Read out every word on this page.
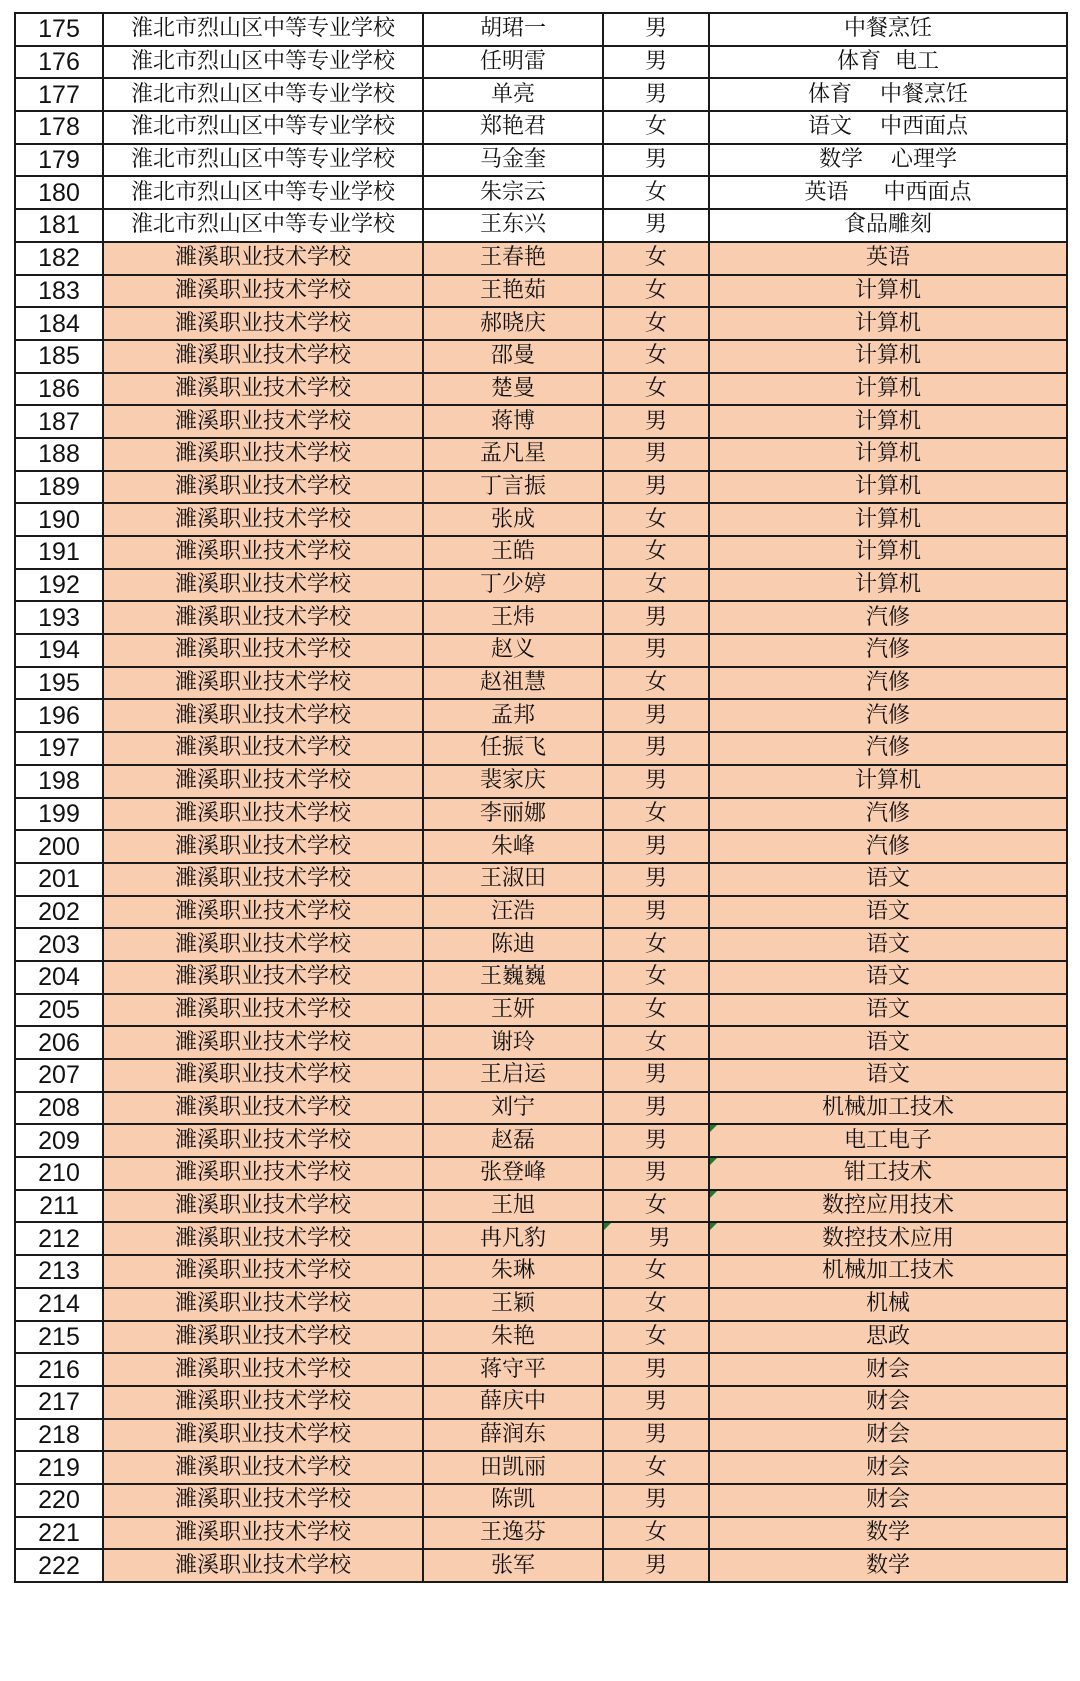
175	淮北市烈山区中等专业学校	胡珺一	男	中餐烹饪
176	淮北市烈山区中等专业学校	任明雷	男	体育  电工
177	淮北市烈山区中等专业学校	单亮	男	体育    中餐烹饪
178	淮北市烈山区中等专业学校	郑艳君	女	语文    中西面点
179	淮北市烈山区中等专业学校	马金奎	男	数学    心理学
180	淮北市烈山区中等专业学校	朱宗云	女	英语     中西面点
181	淮北市烈山区中等专业学校	王东兴	男	食品雕刻
182	濉溪职业技术学校	王春艳	女	英语
183	濉溪职业技术学校	王艳茹	女	计算机
184	濉溪职业技术学校	郝晓庆	女	计算机
185	濉溪职业技术学校	邵曼	女	计算机
186	濉溪职业技术学校	楚曼	女	计算机
187	濉溪职业技术学校	蒋博	男	计算机
188	濉溪职业技术学校	孟凡星	男	计算机
189	濉溪职业技术学校	丁言振	男	计算机
190	濉溪职业技术学校	张成	女	计算机
191	濉溪职业技术学校	王皓	女	计算机
192	濉溪职业技术学校	丁少婷	女	计算机
193	濉溪职业技术学校	王炜	男	汽修
194	濉溪职业技术学校	赵义	男	汽修
195	濉溪职业技术学校	赵祖慧	女	汽修
196	濉溪职业技术学校	孟邦	男	汽修
197	濉溪职业技术学校	任振飞	男	汽修
198	濉溪职业技术学校	裴家庆	男	计算机
199	濉溪职业技术学校	李丽娜	女	汽修
200	濉溪职业技术学校	朱峰	男	汽修
201	濉溪职业技术学校	王淑田	男	语文
202	濉溪职业技术学校	汪浩	男	语文
203	濉溪职业技术学校	陈迪	女	语文
204	濉溪职业技术学校	王巍巍	女	语文
205	濉溪职业技术学校	王妍	女	语文
206	濉溪职业技术学校	谢玲	女	语文
207	濉溪职业技术学校	王启运	男	语文
208	濉溪职业技术学校	刘宁	男	机械加工技术
209	濉溪职业技术学校	赵磊	男	电工电子
210	濉溪职业技术学校	张登峰	男	钳工技术
211	濉溪职业技术学校	王旭	女	数控应用技术
212	濉溪职业技术学校	冉凡豹	男	数控技术应用
213	濉溪职业技术学校	朱琳	女	机械加工技术
214	濉溪职业技术学校	王颖	女	机械
215	濉溪职业技术学校	朱艳	女	思政
216	濉溪职业技术学校	蒋守平	男	财会
217	濉溪职业技术学校	薛庆中	男	财会
218	濉溪职业技术学校	薛润东	男	财会
219	濉溪职业技术学校	田凯丽	女	财会
220	濉溪职业技术学校	陈凯	男	财会
221	濉溪职业技术学校	王逸芬	女	数学
222	濉溪职业技术学校	张军	男	数学
